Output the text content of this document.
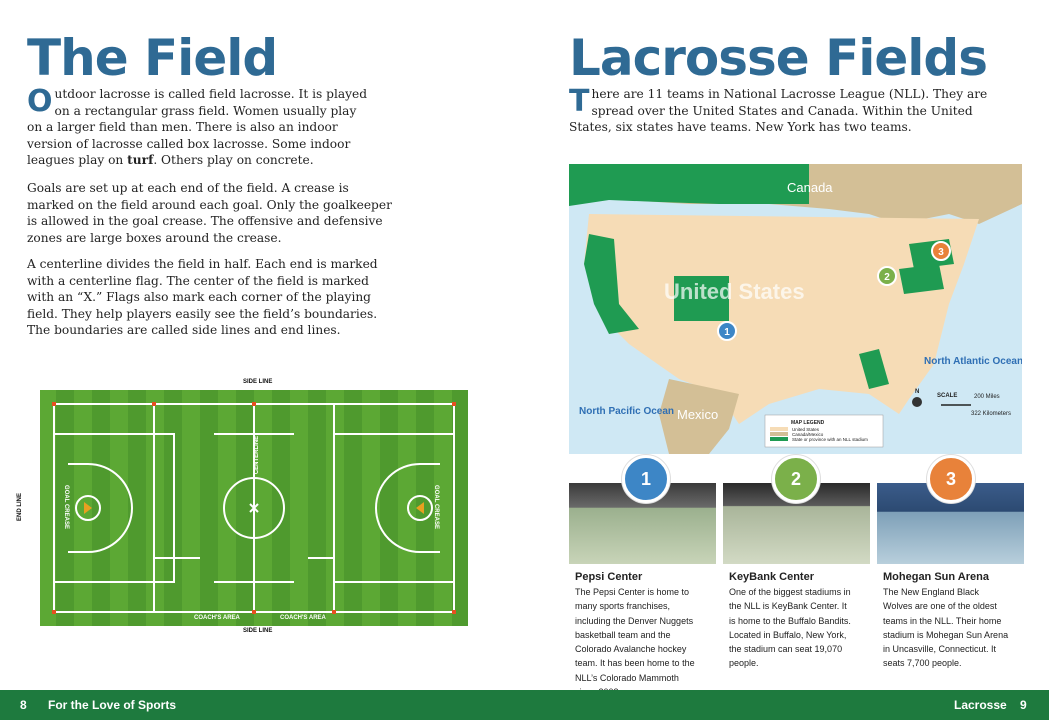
The Field

Outdoor lacrosse is called field lacrosse. It is played on a rectangular grass field. Women usually play on a larger field than men. There is also an indoor version of lacrosse called box lacrosse. Some indoor leagues play on turf. Others play on concrete.

Goals are set up at each end of the field. A crease is marked on the field around each goal. Only the goalkeeper is allowed in the goal crease. The offensive and defensive zones are large boxes around the crease.

A centerline divides the field in half. Each end is marked with a centerline flag. The center of the field is marked with an “X.” Flags also mark each corner of the playing field. They help players easily see the field’s boundaries. The boundaries are called side lines and end lines.

SIDE LINE
SIDE LINE
END LINE	GOAL CREASE	GOAL CREASE
CENTERLINE
COACH'S AREA	COACH'S AREA
Lacrosse Fields

There are 11 teams in National Lacrosse League (NLL). They are spread over the United States and Canada. Within the United States, six states have teams. New York has two teams.

1
2
3
Canada
United States
Mexico
North Pacific Ocean
North Atlantic Ocean
N
SCALE	200 Miles
322 Kilometers
MAP LEGEND
United States
Canada/Mexico
State or province with an NLL stadium
1	2	3
Pepsi Center

The Pepsi Center is home to many sports franchises, including the Denver Nuggets basketball team and the Colorado Avalanche hockey team. It has been home to the NLL’s Colorado Mammoth

KeyBank Center

One of the biggest stadiums in the NLL is KeyBank Center. It is home to the Buffalo Bandits. Located in Buffalo, New York, the stadium can seat 19,070 people.

Mohegan Sun Arena

The New England Black Wolves are one of the oldest teams in the NLL. Their home stadium is Mohegan Sun Arena in Uncasville, Connecticut. It seats 7,700 people.

8 For the Love of Sports	Lacrosse 9
